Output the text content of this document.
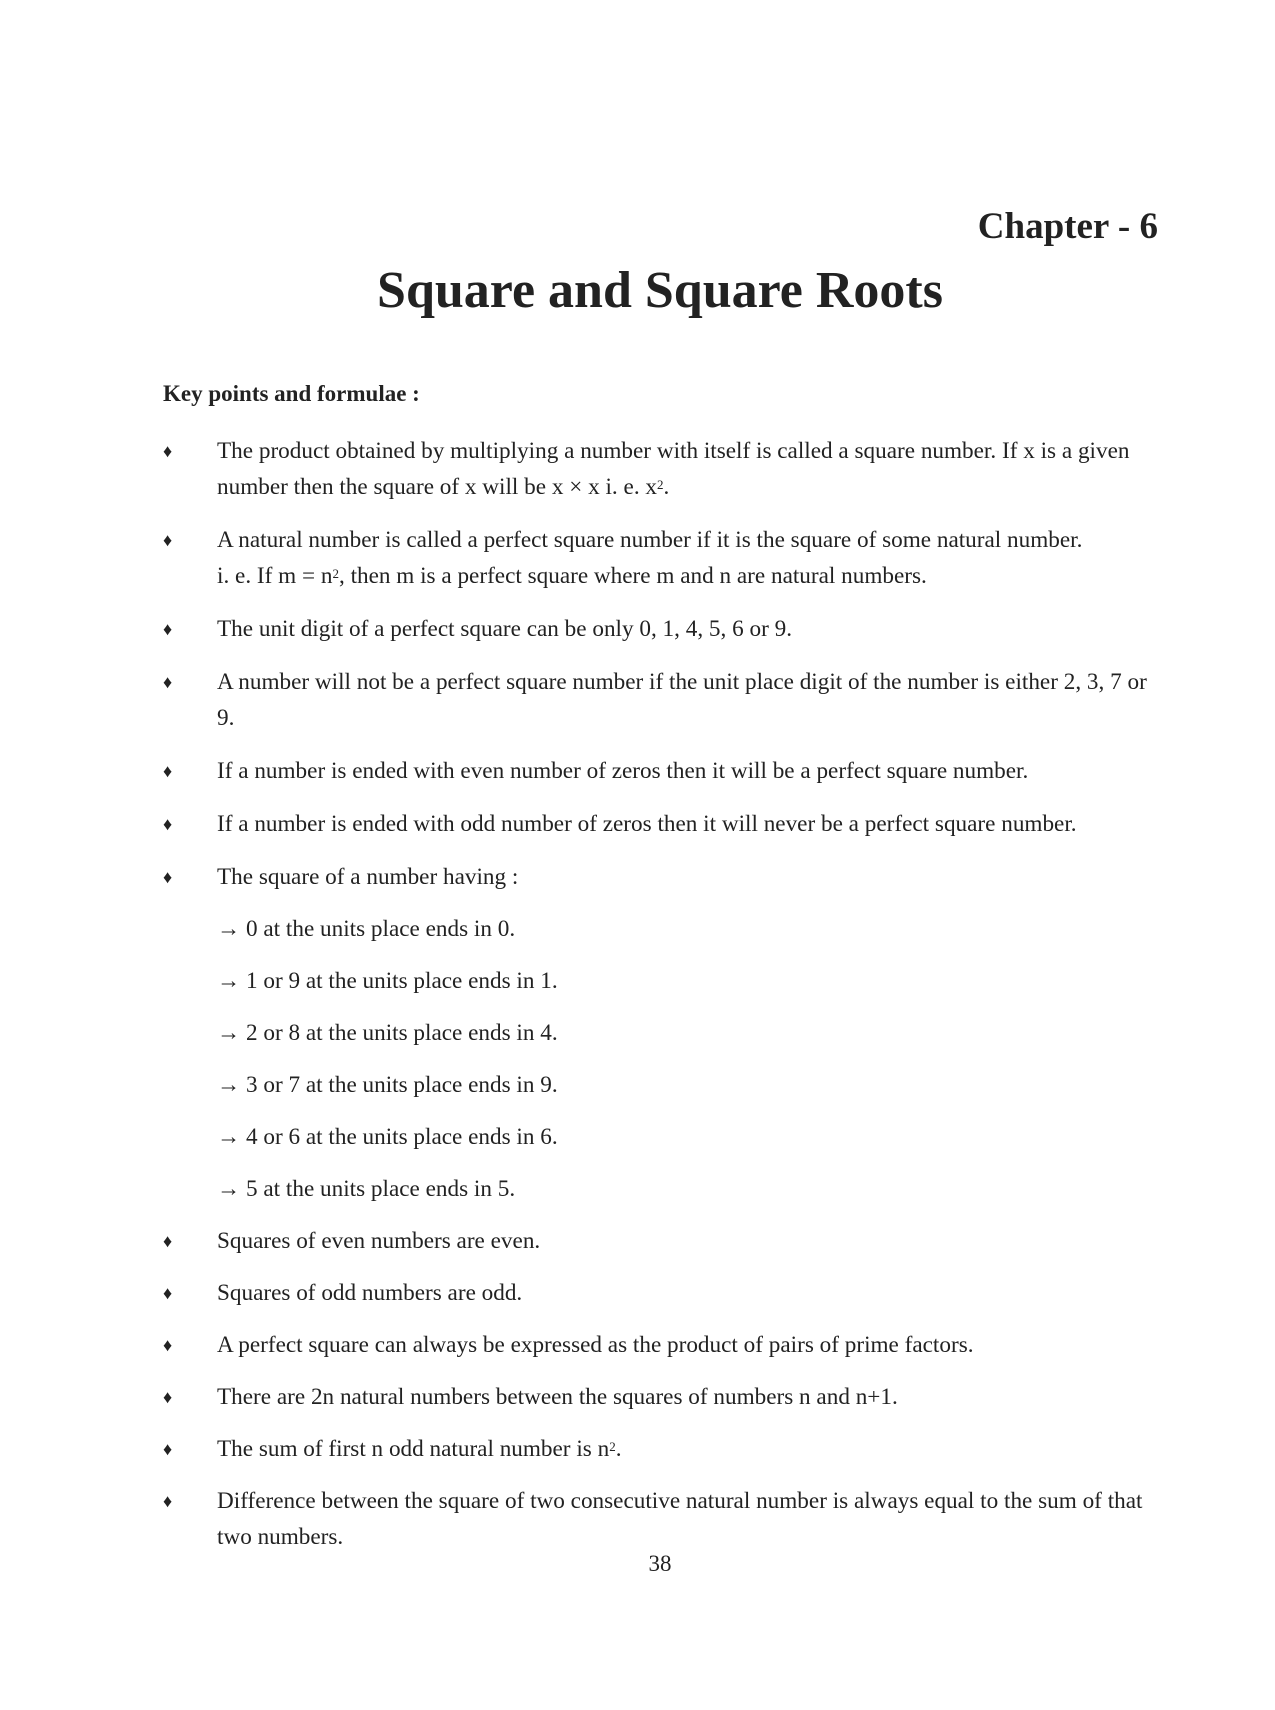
Chapter - 6
Square and Square Roots
Key points and formulae :
♦ The product obtained by multiplying a number with itself is called a square number. If x is a given
number then the square of x will be x × x i. e. $x^2$.
♦ A natural number is called a perfect square number if it is the square of some natural number.
i. e. If $m = n^2$, then m is a perfect square where m and n are natural numbers.
♦ The unit digit of a perfect square can be only 0, 1, 4, 5, 6 or 9.
♦ A number will not be a perfect square number if the unit place digit of the number is either 2, 3, 7 or 9.
♦ If a number is ended with even number of zeros then it will be a perfect square number.
♦ If a number is ended with odd number of zeros then it will never be a perfect square number.
♦ The square of a number having :
→ 0 at the units place ends in 0.
→ 1 or 9 at the units place ends in 1.
→ 2 or 8 at the units place ends in 4.
→ 3 or 7 at the units place ends in 9.
→ 4 or 6 at the units place ends in 6.
→ 5 at the units place ends in 5.
♦ Squares of even numbers are even.
♦ Squares of odd numbers are odd.
♦ A perfect square can always be expressed as the product of pairs of prime factors.
♦ There are 2n natural numbers between the squares of numbers n and n+1.
♦ The sum of first n odd natural number is $n^2$.
♦ Difference between the square of two consecutive natural number is always equal to the sum of that
two numbers.
38
